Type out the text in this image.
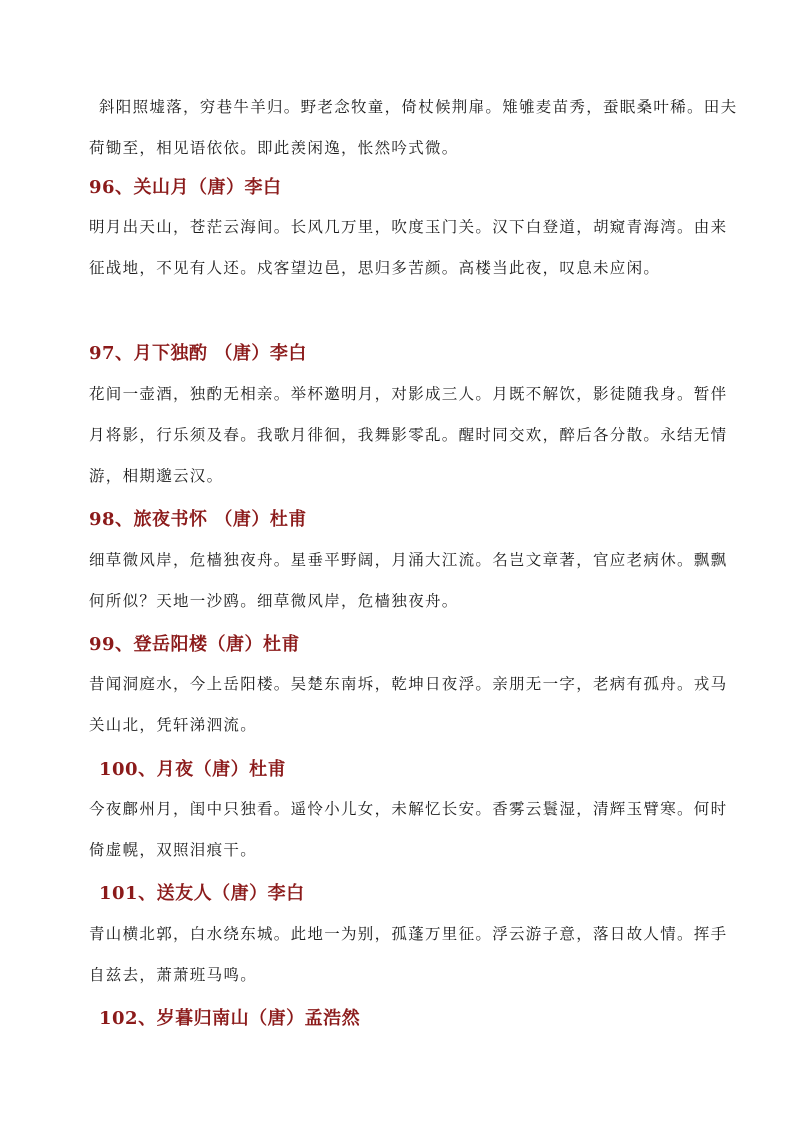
斜阳照墟落，穷巷牛羊归。野老念牧童，倚杖候荆扉。雉雊麦苗秀，蚕眠桑叶稀。田夫荷锄至，相见语依依。即此羡闲逸，怅然吟式微。

96、关山月（唐）李白

明月出天山，苍茫云海间。长风几万里，吹度玉门关。汉下白登道，胡窥青海湾。由来征战地，不见有人还。戍客望边邑，思归多苦颜。高楼当此夜，叹息未应闲。

97、月下独酌 （唐）李白

花间一壶酒，独酌无相亲。举杯邀明月，对影成三人。月既不解饮，影徒随我身。暂伴月将影，行乐须及春。我歌月徘徊，我舞影零乱。醒时同交欢，醉后各分散。永结无情游，相期邈云汉。

98、旅夜书怀 （唐）杜甫

细草微风岸，危樯独夜舟。星垂平野阔，月涌大江流。名岂文章著，官应老病休。飘飘何所似？天地一沙鸥。细草微风岸，危樯独夜舟。

99、登岳阳楼（唐）杜甫

昔闻洞庭水，今上岳阳楼。吴楚东南坼，乾坤日夜浮。亲朋无一字，老病有孤舟。戎马关山北，凭轩涕泗流。

100、月夜（唐）杜甫

今夜鄜州月，闺中只独看。遥怜小儿女，未解忆长安。香雾云鬟湿，清辉玉臂寒。何时倚虚幌，双照泪痕干。

101、送友人（唐）李白

青山横北郭，白水绕东城。此地一为别，孤蓬万里征。浮云游子意，落日故人情。挥手自兹去，萧萧班马鸣。

102、岁暮归南山（唐）孟浩然
